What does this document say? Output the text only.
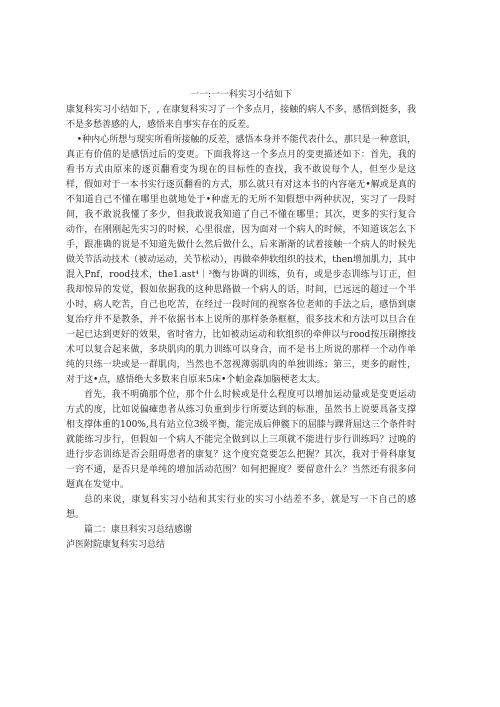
一一:一一科实习小结如下

康复科实习小结如下，, 在康复科实习了一个多点月，接触的病人不多，感悟到挺多，我不是多愁善感的人，感悟来自事实存在的反差。

•种内心所想与现实所看所接触的反差，感悟本身并不能代表什么，那只是一种意识，真正有价值的是感悟过后的变更。下面我将这一个多点月的变更描述如下：首先，我的看书方式由原来的逐页翻看变为现在的目标性的查找，我不敢说每个人，但至少是这样，假如对于一本书实行逐页翻看的方式，那么就只有对这本书的内容毫无•解或是真的不知道自己不懂在哪里也就地处于•种虚无的无所不知假想中两种状况，实习了一段时间，我不敢说我懂了多少，但我敢说我知道了自己不懂在哪里；其次，更多的实行复合动作，在刚刚起先实习的时候，心里很虚，因为面对一个病人的时候，不知道该怎么下手，跟准确的说是不知道先做什么然后做什么，后来渐渐的试着接触一个病人的时候先做关节活动技术（被动运动，关节松动），再做牵伸软组织的技术，then增加肌力，其中混入Pnf，rood技术，the1.ast⁴｜³衡与协调的训练，负有，或是步态训练与订正，但我却惊异的发觉，假如依据我的这种思路做一个病人的话，时间，已远远的超过一个半小时，病人吃苦，自己也吃苦，在经过一段时间的视察各位老师的手法之后，感悟到康复治疗并不是教条，并不依据书本上说所的那样条条框框，很多技术和方法可以旦合在一起已达到更好的效果，省时省力，比如被动运动和软组织的牵伸以与rood按压刷擦技术可以复合起来做，多块肌肉的肌力训练可以身合，而不是书上所说的那样一个动作单纯的只练一块或是一群肌肉，当然也不忽视薄弱肌肉的单独训练；第三，更多的耐性，对于这•点，感悟绝大多数来自原来5床•个帕金森加脑梗老太太。

首先，我不明确那个位，那个什么时候或是什么程度可以增加运动量或是变更运动方式的度，比如说偏瘫患者从练习负重到步行所要达到的标准，虽然书上说要具备支撑相支撑体重的100%,具有站立位3级平衡，能完成后伸髋下的屈膝与踝背屈这三个条件时就能练习步行，但假如一个病人不能完全做到以上三项就不能进行步行训练吗？过晚的进行步态训练是否会阻碍患者的康复？这个度究竟要怎么把握？其次，我对于骨科康复一窍不通，是否只是单纯的增加活动范围？如何把握度？要留意什么？当然还有很多问题真在发觉中。

总的来说，康复科实习小结和其实行业的实习小结差不多，就是写一下自己的感想。

篇二：康旦科实习总结感谢

泸医附院康复科实习总结
